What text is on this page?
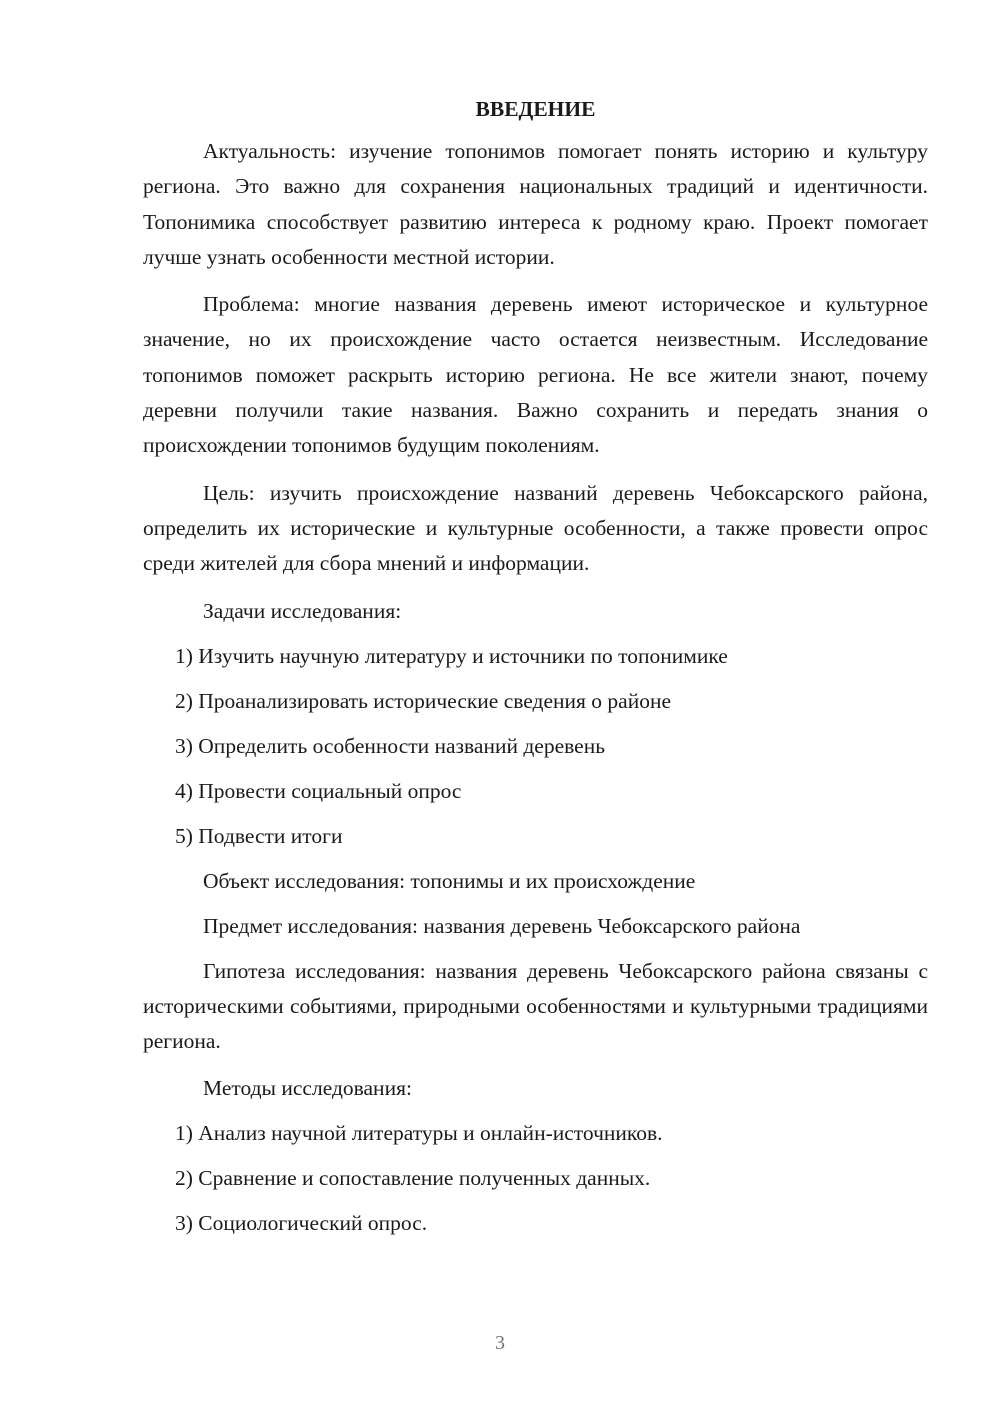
ВВЕДЕНИЕ

Актуальность: изучение топонимов помогает понять историю и культуру региона. Это важно для сохранения национальных традиций и идентичности. Топонимика способствует развитию интереса к родному краю. Проект помогает лучше узнать особенности местной истории.

Проблема: многие названия деревень имеют историческое и культурное значение, но их происхождение часто остается неизвестным. Исследование топонимов поможет раскрыть историю региона. Не все жители знают, почему деревни получили такие названия. Важно сохранить и передать знания о происхождении топонимов будущим поколениям.

Цель: изучить происхождение названий деревень Чебоксарского района, определить их исторические и культурные особенности, а также провести опрос среди жителей для сбора мнений и информации.

Задачи исследования:
1) Изучить научную литературу и источники по топонимике
2) Проанализировать исторические сведения о районе
3) Определить особенности названий деревень
4) Провести социальный опрос
5) Подвести итоги
Объект исследования: топонимы и их происхождение
Предмет исследования: названия деревень Чебоксарского района

Гипотеза исследования: названия деревень Чебоксарского района связаны с историческими событиями, природными особенностями и культурными традициями региона.

Методы исследования:
1) Анализ научной литературы и онлайн-источников.
2) Сравнение и сопоставление полученных данных.
3) Социологический опрос.
3
